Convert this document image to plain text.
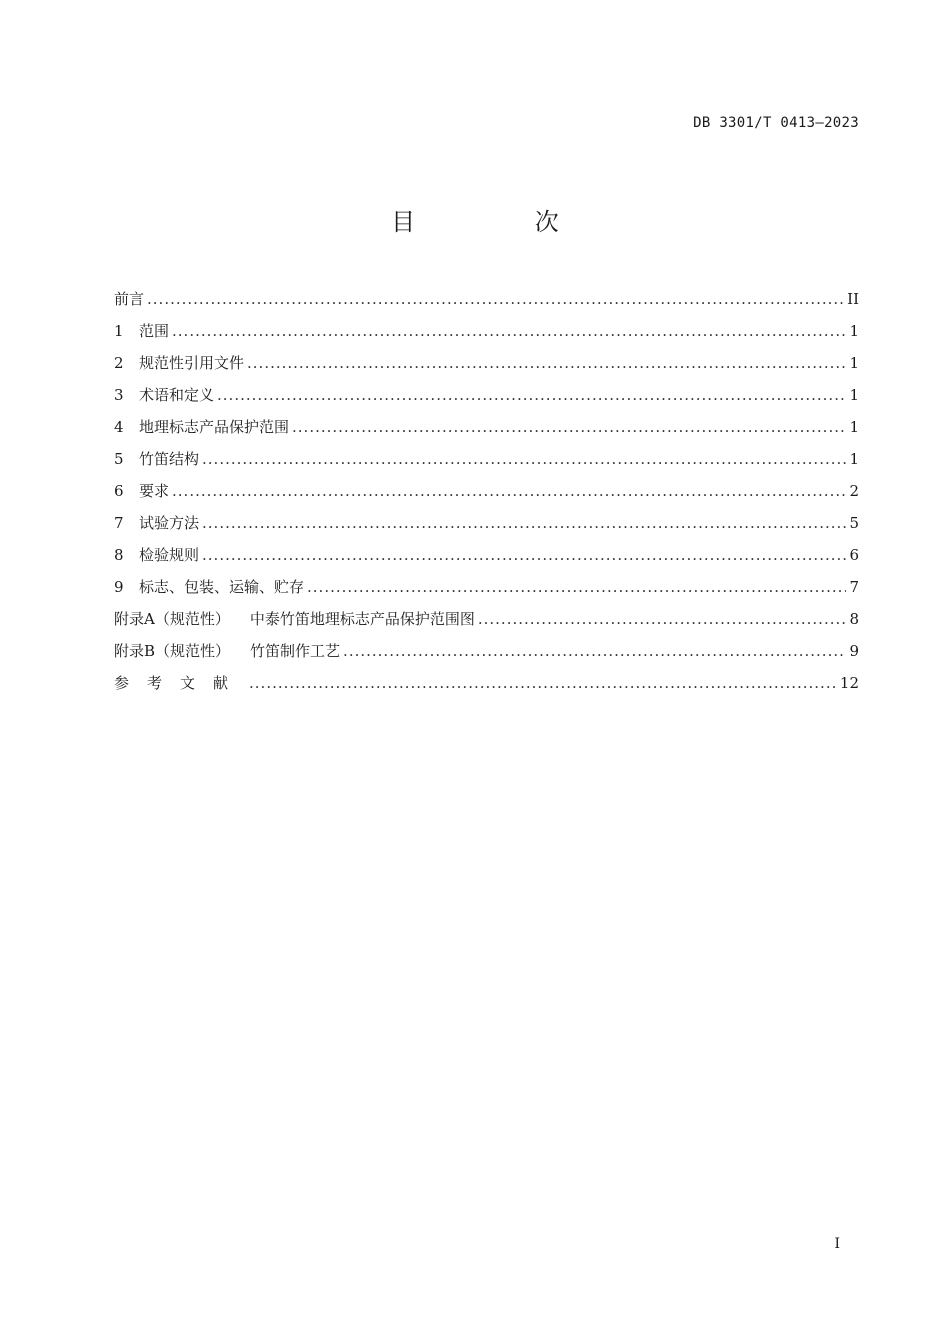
DB 3301/T 0413—2023
目 次
前言 .....	II
1	范围 .....	1
2	规范性引用文件 .....	1
3	术语和定义 .....	1
4	地理标志产品保护范围 .....	1
5	竹笛结构 .....	1
6	要求 .....	2
7	试验方法 .....	5
8	检验规则 .....	6
9	标志、包装、运输、贮存 .....	7
附录A（规范性） 中泰竹笛地理标志产品保护范围图 .....	8
附录B（规范性） 竹笛制作工艺 .....	9
参考文献 .....	12
I
